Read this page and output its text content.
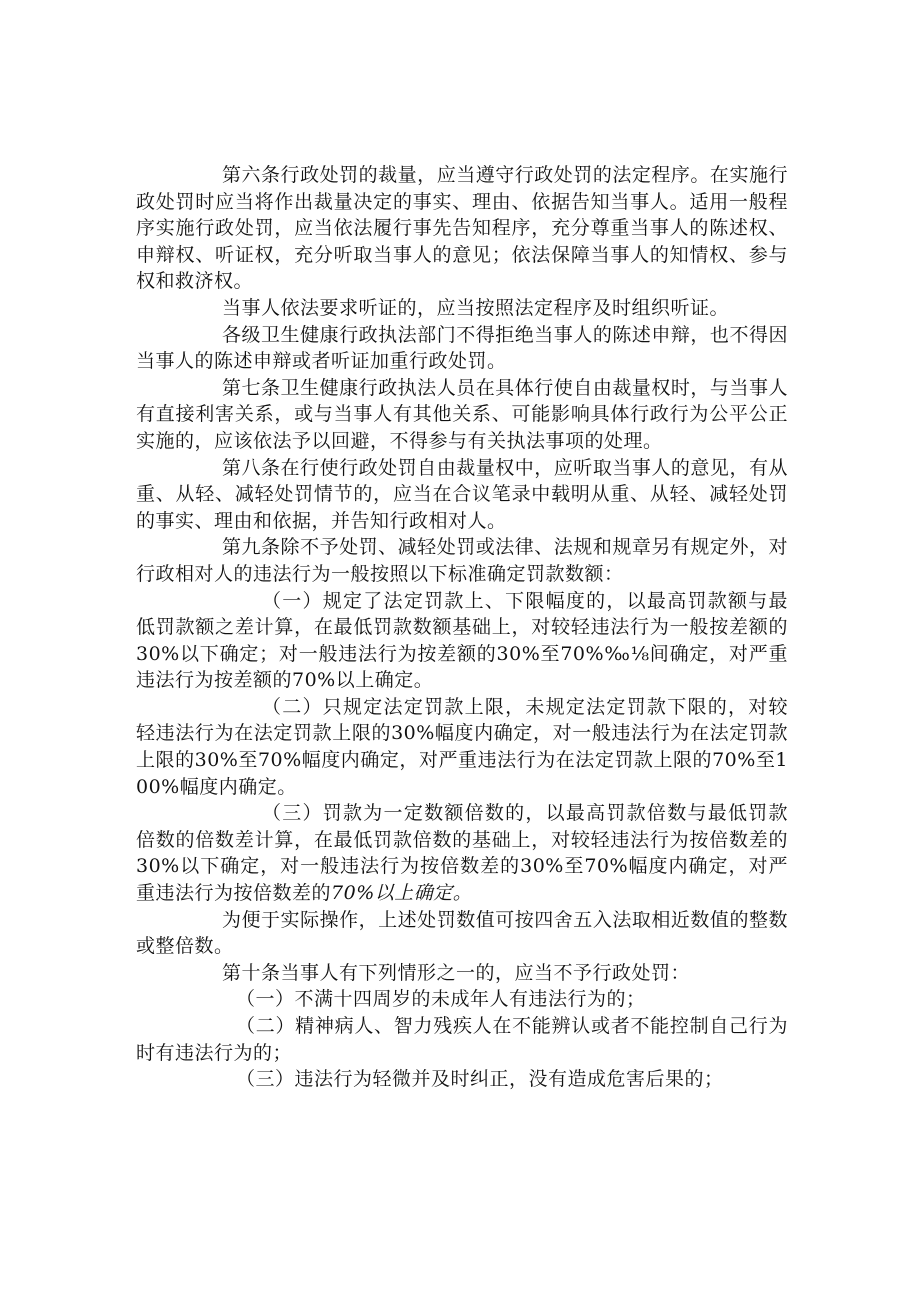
第六条行政处罚的裁量，应当遵守行政处罚的法定程序。在实施行政处罚时应当将作出裁量决定的事实、理由、依据告知当事人。适用一般程序实施行政处罚，应当依法履行事先告知程序，充分尊重当事人的陈述权、申辩权、听证权，充分听取当事人的意见；依法保障当事人的知情权、参与权和救济权。

当事人依法要求听证的，应当按照法定程序及时组织听证。

各级卫生健康行政执法部门不得拒绝当事人的陈述申辩，也不得因当事人的陈述申辩或者听证加重行政处罚。

第七条卫生健康行政执法人员在具体行使自由裁量权时，与当事人有直接利害关系，或与当事人有其他关系、可能影响具体行政行为公平公正实施的，应该依法予以回避，不得参与有关执法事项的处理。

第八条在行使行政处罚自由裁量权中，应听取当事人的意见，有从重、从轻、减轻处罚情节的，应当在合议笔录中载明从重、从轻、减轻处罚的事实、理由和依据，并告知行政相对人。

第九条除不予处罚、减轻处罚或法律、法规和规章另有规定外，对行政相对人的违法行为一般按照以下标准确定罚款数额：

（一）规定了法定罚款上、下限幅度的，以最高罚款额与最低罚款额之差计算，在最低罚款数额基础上，对较轻违法行为一般按差额的30%以下确定；对一般违法行为按差额的30%至70%‰⅛间确定，对严重违法行为按差额的70%以上确定。

（二）只规定法定罚款上限，未规定法定罚款下限的，对较轻违法行为在法定罚款上限的30%幅度内确定，对一般违法行为在法定罚款上限的30%至70%幅度内确定，对严重违法行为在法定罚款上限的70%至100%幅度内确定。

（三）罚款为一定数额倍数的，以最高罚款倍数与最低罚款倍数的倍数差计算，在最低罚款倍数的基础上，对较轻违法行为按倍数差的30%以下确定，对一般违法行为按倍数差的30%至70%幅度内确定，对严重违法行为按倍数差的70%以上确定。

为便于实际操作，上述处罚数值可按四舍五入法取相近数值的整数或整倍数。

第十条当事人有下列情形之一的，应当不予行政处罚：

（一）不满十四周岁的未成年人有违法行为的；

（二）精神病人、智力残疾人在不能辨认或者不能控制自己行为时有违法行为的；

（三）违法行为轻微并及时纠正，没有造成危害后果的；
